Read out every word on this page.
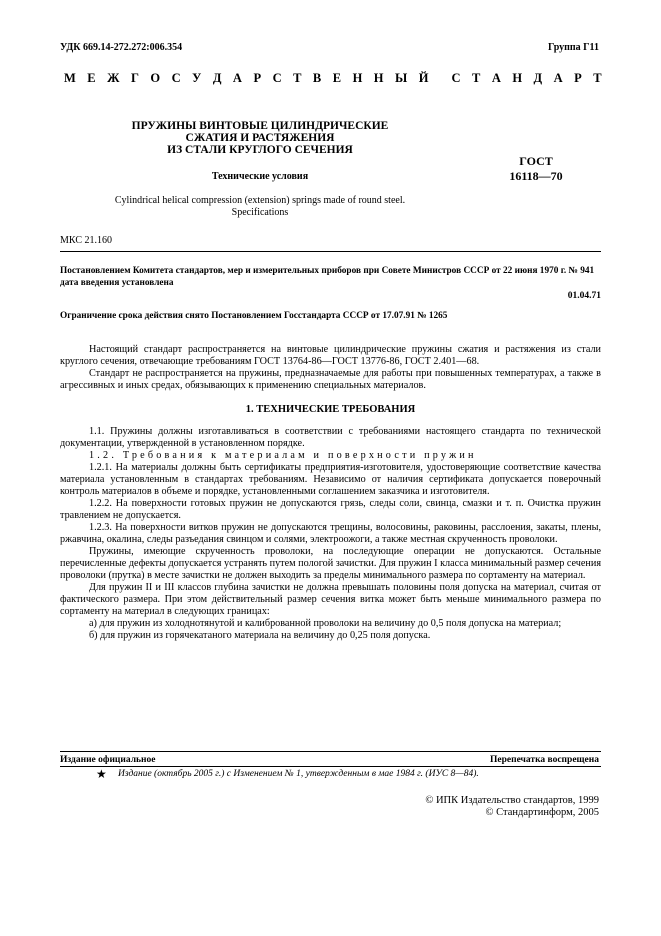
УДК 669.14-272.272:006.354	Группа Г11
М Е Ж Г О С У Д А Р С Т В Е Н Н Ы Й С Т А Н Д А Р Т
ПРУЖИНЫ ВИНТОВЫЕ ЦИЛИНДРИЧЕСКИЕ
СЖАТИЯ И РАСТЯЖЕНИЯ
ИЗ СТАЛИ КРУГЛОГО СЕЧЕНИЯ
Технические условия
Cylindrical helical compression (extension) springs made of round steel.
Specifications
ГОСТ
16118—70
МКС 21.160
Постановлением Комитета стандартов, мер и измерительных приборов при Совете Министров СССР от 22 июня 1970 г. № 941 дата введения установлена
01.04.71
Ограничение срока действия снято Постановлением Госстандарта СССР от 17.07.91 № 1265

Настоящий стандарт распространяется на винтовые цилиндрические пружины сжатия и растяжения из стали круглого сечения, отвечающие требованиям ГОСТ 13764-86—ГОСТ 13776-86, ГОСТ 2.401—68.

Стандарт не распространяется на пружины, предназначаемые для работы при повышенных температурах, а также в агрессивных и иных средах, обязывающих к применению специальных материалов.

1. ТЕХНИЧЕСКИЕ ТРЕБОВАНИЯ

1.1. Пружины должны изготавливаться в соответствии с требованиями настоящего стандарта по технической документации, утвержденной в установленном порядке.

1.2. Требования к материалам и поверхности пружин

1.2.1. На материалы должны быть сертификаты предприятия-изготовителя, удостоверяющие соответствие качества материала установленным в стандартах требованиям. Независимо от наличия сертификата допускается поверочный контроль материалов в объеме и порядке, установленными соглашением заказчика и изготовителя.

1.2.2. На поверхности готовых пружин не допускаются грязь, следы соли, свинца, смазки и т. п. Очистка пружин травлением не допускается.

1.2.3. На поверхности витков пружин не допускаются трещины, волосовины, раковины, расслоения, закаты, плены, ржавчина, окалина, следы разъедания свинцом и солями, электроожоги, а также местная скрученность проволоки.

Пружины, имеющие скрученность проволоки, на последующие операции не допускаются. Остальные перечисленные дефекты допускается устранять путем пологой зачистки. Для пружин I класса минимальный размер сечения проволоки (прутка) в месте зачистки не должен выходить за пределы минимального размера по сортаменту на материал.

Для пружин II и III классов глубина зачистки не должна превышать половины поля допуска на материал, считая от фактического размера. При этом действительный размер сечения витка может быть меньше минимального размера по сортаменту на материал в следующих границах:

а) для пружин из холоднотянутой и калиброванной проволоки на величину до 0,5 поля допуска на материал;

б) для пружин из горячекатаного материала на величину до 0,25 поля допуска.

Издание официальное	Перепечатка воспрещена
★ Издание (октябрь 2005 г.) с Изменением № 1, утвержденным в мае 1984 г. (ИУС 8—84).
© ИПК Издательство стандартов, 1999
© Стандартинформ, 2005
